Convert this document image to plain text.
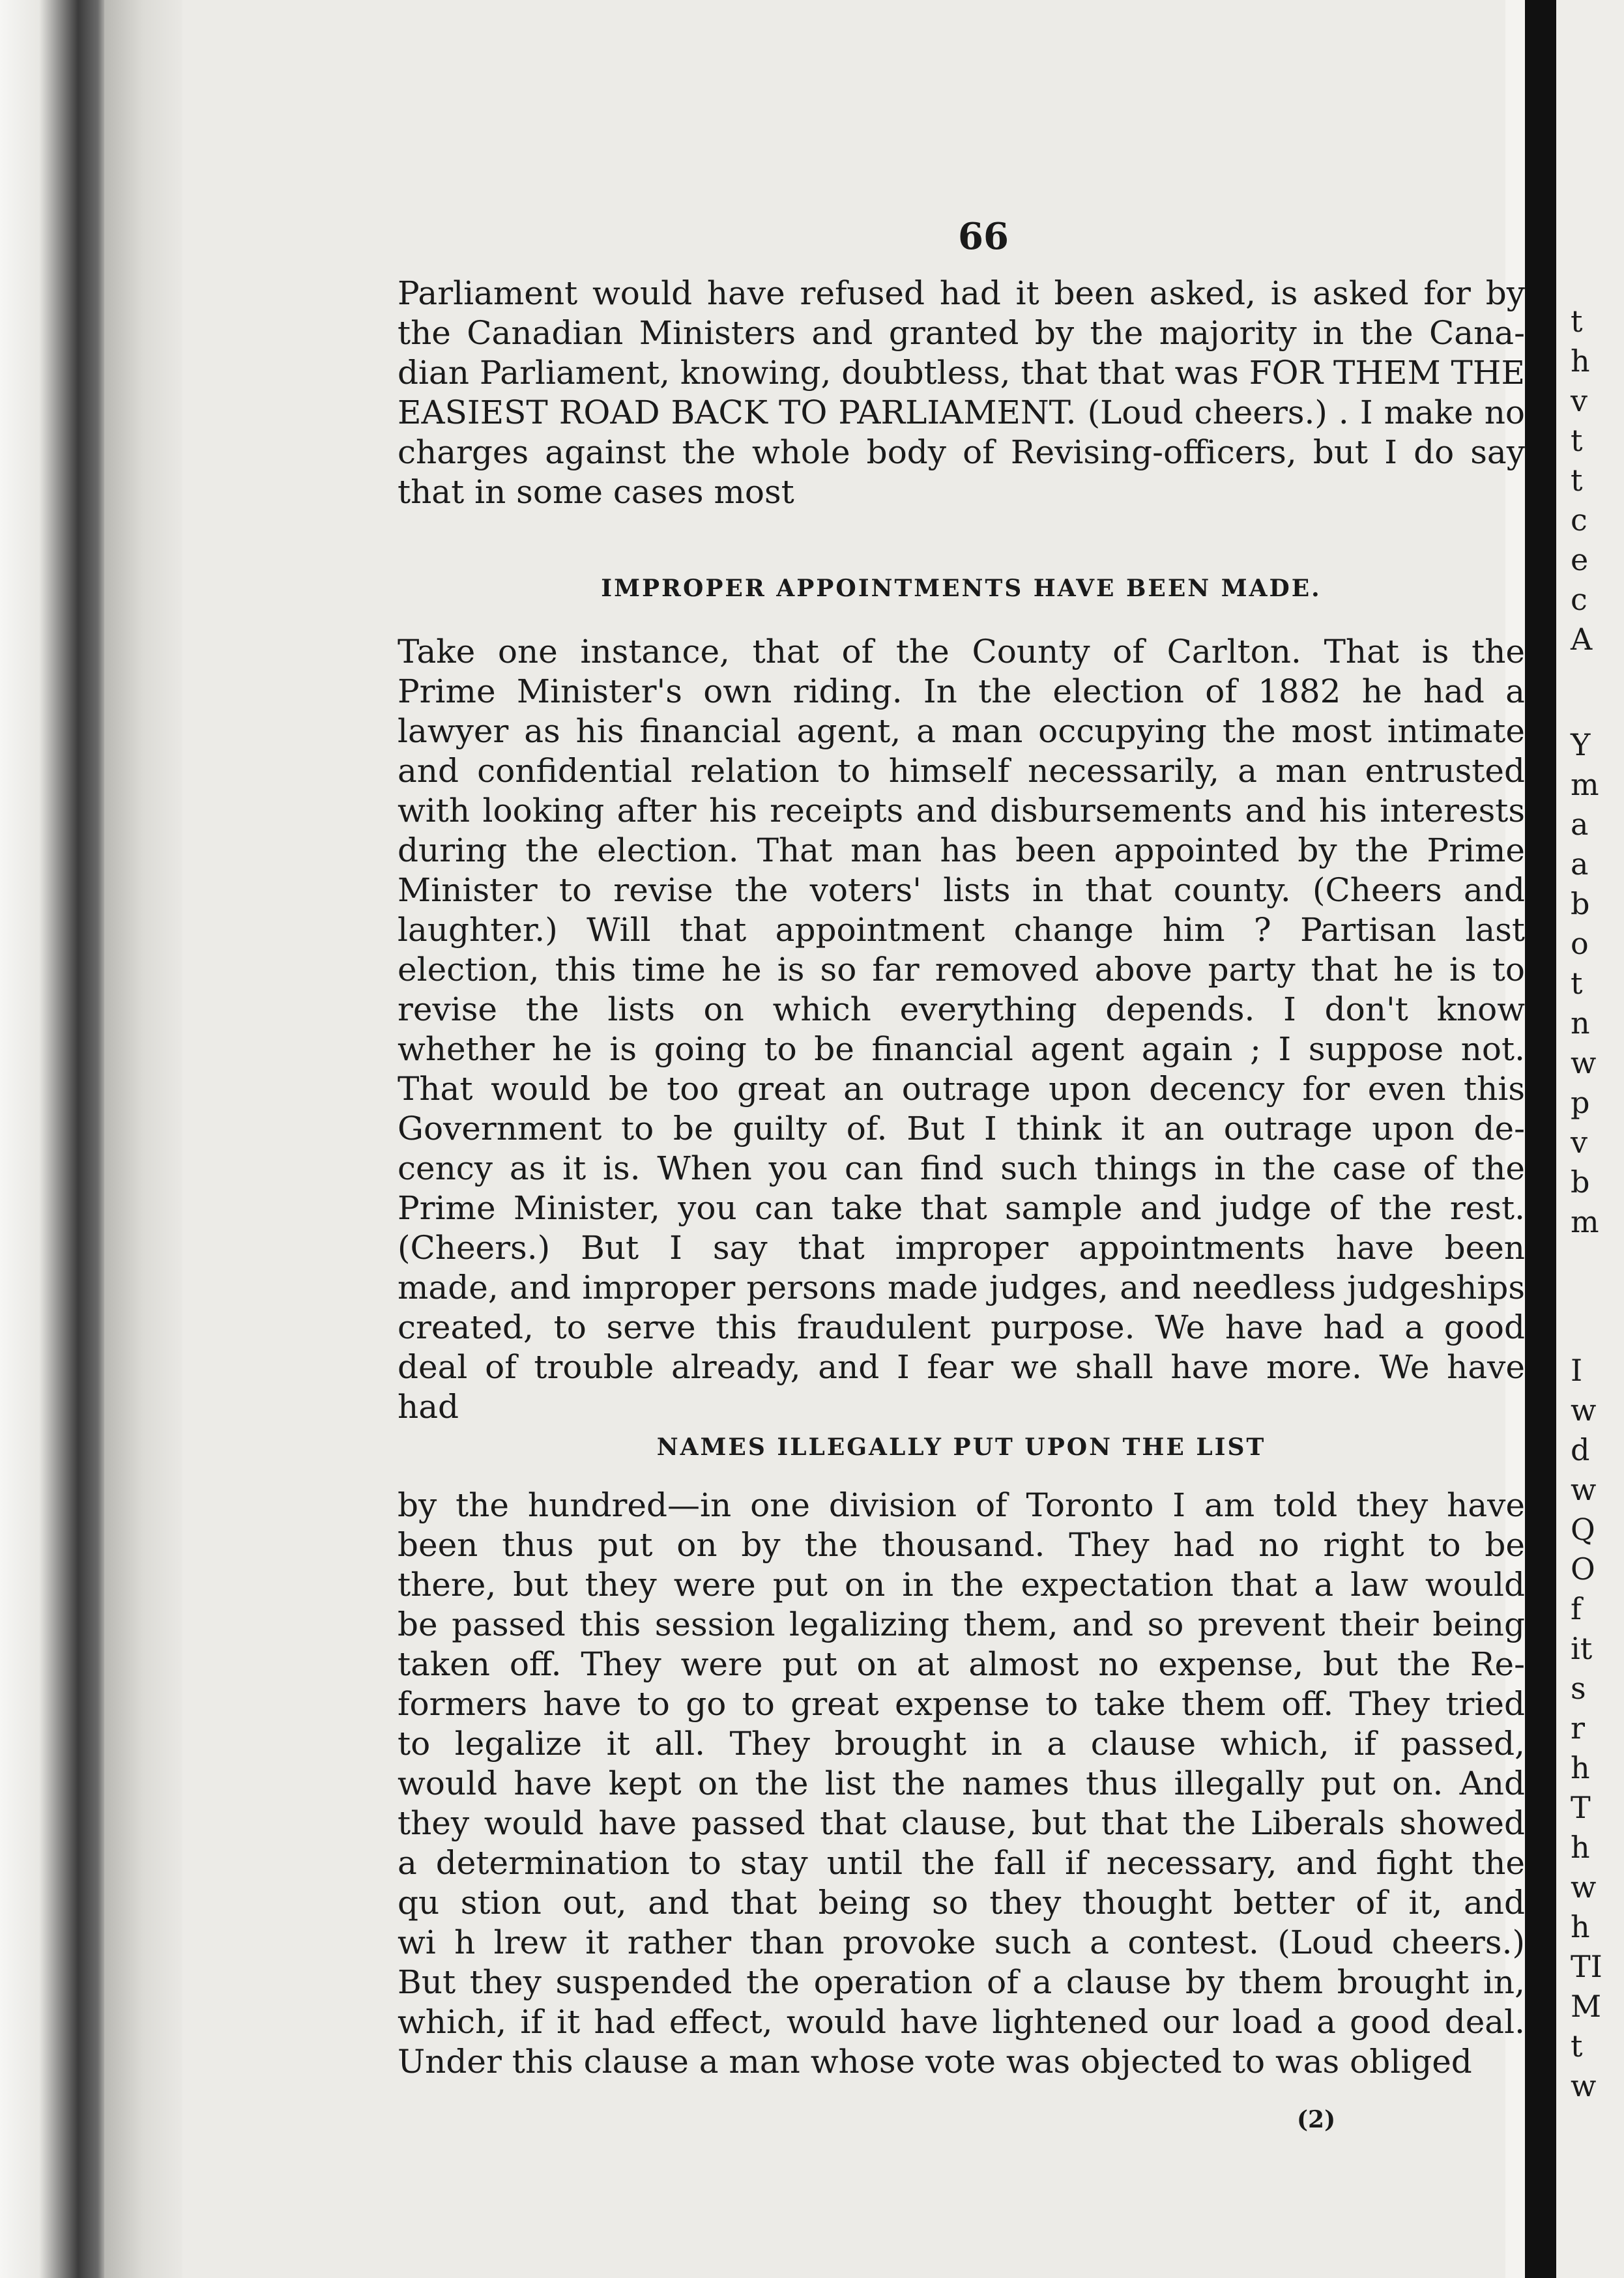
t
h
v
t
t
c
e
c
A
Y
m
a
a
b
o
t
n
w
p
v
b
m
I
w
d
w
Q
O
f
it
s
r
h
T
h
w
h
TI
M
t
w
66
Parliament would have refused had it been asked, is asked for by
the Canadian Ministers and granted by the majority in the Cana-
dian Parliament, knowing, doubtless, that that was FOR THEM THE
EASIEST ROAD BACK TO PARLIAMENT. (Loud cheers.) . I make no
charges against the whole body of Revising-officers, but I do say
that in some cases most
IMPROPER APPOINTMENTS HAVE BEEN MADE.
Take one instance, that of the County of Carlton. That is the
Prime Minister's own riding. In the election of 1882 he had a
lawyer as his financial agent, a man occupying the most intimate
and confidential relation to himself necessarily, a man entrusted
with looking after his receipts and disbursements and his interests
during the election. That man has been appointed by the Prime
Minister to revise the voters' lists in that county. (Cheers and
laughter.) Will that appointment change him ? Partisan last
election, this time he is so far removed above party that he is to
revise the lists on which everything depends. I don't know
whether he is going to be financial agent again ; I suppose not.
That would be too great an outrage upon decency for even this
Government to be guilty of. But I think it an outrage upon de-
cency as it is. When you can find such things in the case of the
Prime Minister, you can take that sample and judge of the rest.
(Cheers.) But I say that improper appointments have been
made, and improper persons made judges, and needless judgeships
created, to serve this fraudulent purpose. We have had a good
deal of trouble already, and I fear we shall have more. We have
had
NAMES ILLEGALLY PUT UPON THE LIST
by the hundred—in one division of Toronto I am told they have
been thus put on by the thousand. They had no right to be
there, but they were put on in the expectation that a law would
be passed this session legalizing them, and so prevent their being
taken off. They were put on at almost no expense, but the Re-
formers have to go to great expense to take them off. They tried
to legalize it all. They brought in a clause which, if passed,
would have kept on the list the names thus illegally put on. And
they would have passed that clause, but that the Liberals showed
a determination to stay until the fall if necessary, and fight the
qu stion out, and that being so they thought better of it, and
wi h lrew it rather than provoke such a contest. (Loud cheers.)
But they suspended the operation of a clause by them brought in,
which, if it had effect, would have lightened our load a good deal.
Under this clause a man whose vote was objected to was obliged
(2)
